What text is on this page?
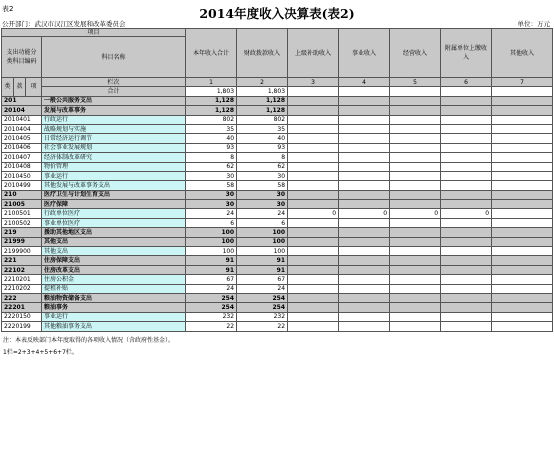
表2	2014年度收入决算表(表2)
公开部门：武汉市汉江区发展和改革委员会	单位：万元
项目				本年收入合计	财政拨款收入	上级补助收入	事业收入	经营收入	附属单位上缴收入	其他收入
支出功能分类科目编码			科目名称							

类	款	项	栏次	1	2	3	4	5	6	7
			合计	1,803	1,803					
201			一般公共服务支出	1,128	1,128					
20104			发展与改革事务	1,128	1,128					
2010401			行政运行	802	802					
2010404			战略规划与实施	35	35					
2010405			日常经济运行调节	40	40					
2010406			社会事业发展规划	93	93					
2010407			经济体制改革研究	8	8					
2010408			物价管理	62	62					
2010450			事业运行	30	30					
2010499			其他发展与改革事务支出	58	58					
210			医疗卫生与计划生育支出	30	30					
21005			医疗保障	30	30					
2100501			行政单位医疗	24	24	0	0	0	0	
2100502			事业单位医疗	6	6					
219			援助其他地区支出	100	100					
21999			其他支出	100	100					
2199900			其他支出	100	100					
221			住房保障支出	91	91					
22102			住房改革支出	91	91					
2210201			住房公积金	67	67					
2210202			提租补贴	24	24					
222			粮油物资储备支出	254	254					
22201			粮油事务	254	254					
2220150			事业运行	232	232					
2220199			其他粮油事务支出	22	22					
注：本表反映部门本年度取得的各项收入情况（含政府性基金）。
1栏=2+3+4+5+6+7栏。
